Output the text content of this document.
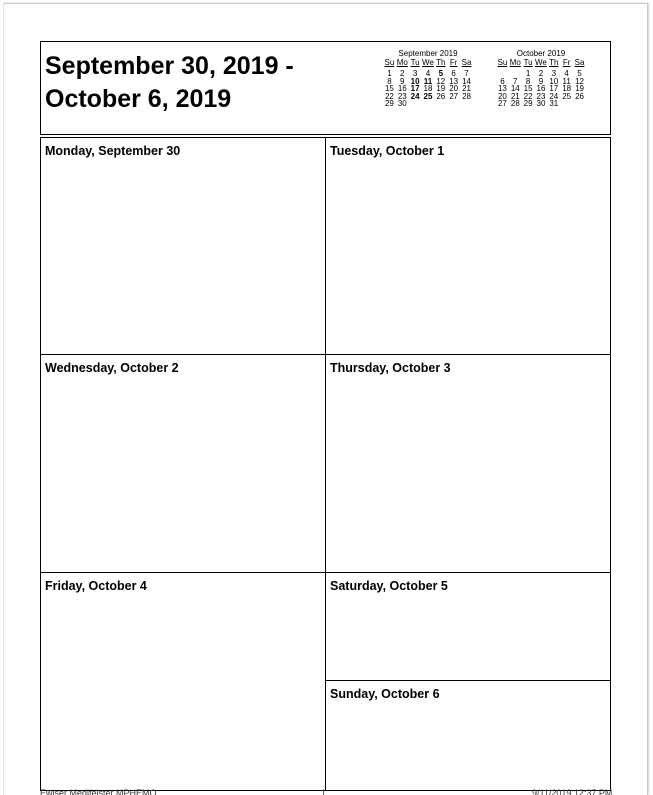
September 30, 2019 -
October 6, 2019
September 2019
Su	Mo	Tu	We	Th	Fr	Sa

1	2	3	4	5	6	7
8	9	10	11	12	13	14
15	16	17	18	19	20	21
22	23	24	25	26	27	28
29	30					
October 2019
Su	Mo	Tu	We	Th	Fr	Sa

		1	2	3	4	5
6	7	8	9	10	11	12
13	14	15	16	17	18	19
20	21	22	23	24	25	26
27	28	29	30	31		
Monday, September 30	Tuesday, October 1
Wednesday, October 2	Thursday, October 3
Friday, October 4	Saturday, October 5
Sunday, October 6
Ewiser Medifelster MPHEMO	1	9/11/2019 12:37 PM
